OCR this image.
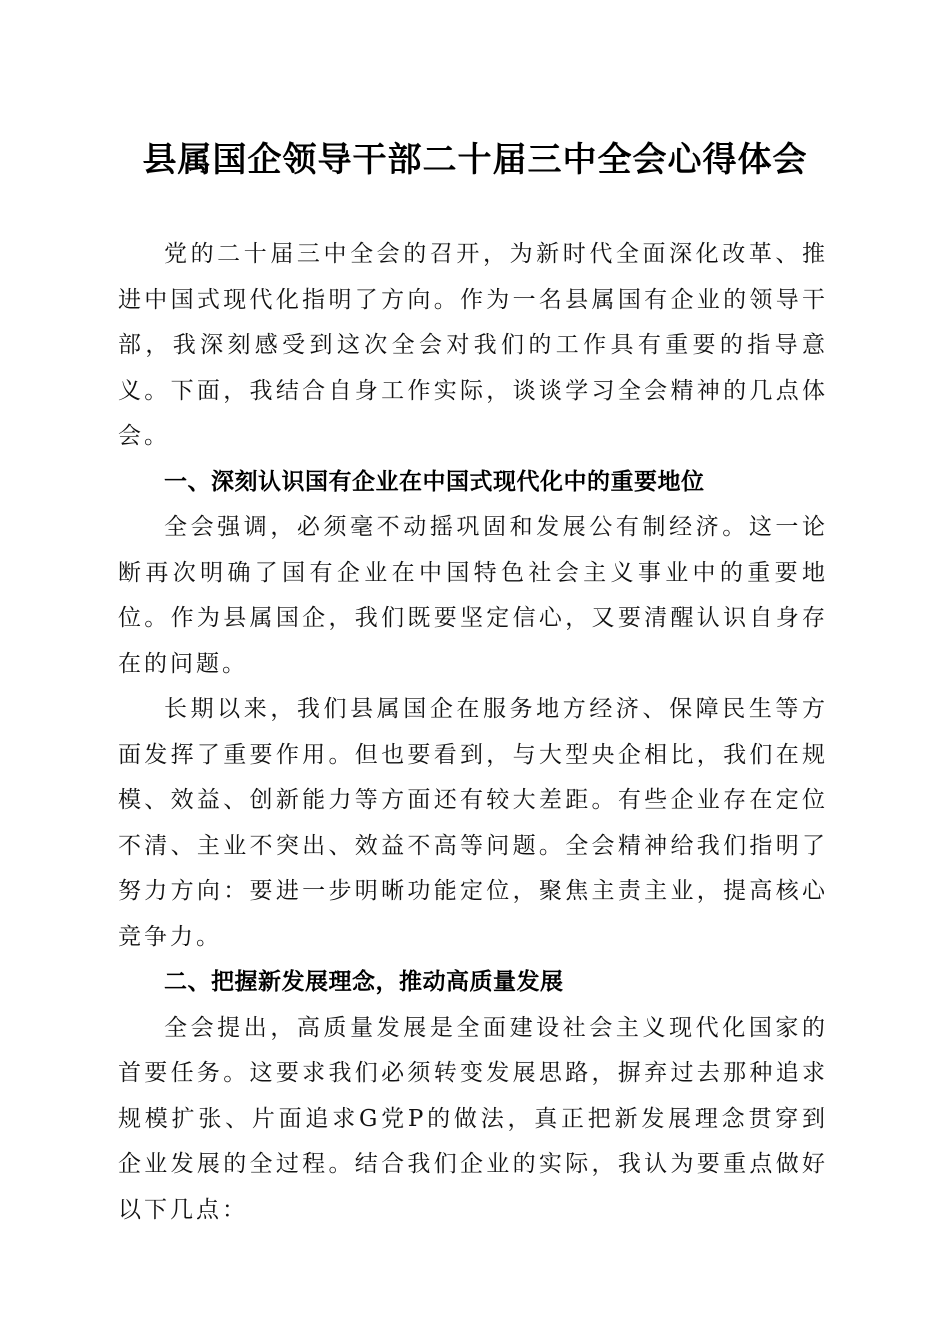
县属国企领导干部二十届三中全会心得体会

党的二十届三中全会的召开，为新时代全面深化改革、推进中国式现代化指明了方向。作为一名县属国有企业的领导干部，我深刻感受到这次全会对我们的工作具有重要的指导意义。下面，我结合自身工作实际，谈谈学习全会精神的几点体会。

一、深刻认识国有企业在中国式现代化中的重要地位

全会强调，必须毫不动摇巩固和发展公有制经济。这一论断再次明确了国有企业在中国特色社会主义事业中的重要地位。作为县属国企，我们既要坚定信心，又要清醒认识自身存在的问题。

长期以来，我们县属国企在服务地方经济、保障民生等方面发挥了重要作用。但也要看到，与大型央企相比，我们在规模、效益、创新能力等方面还有较大差距。有些企业存在定位不清、主业不突出、效益不高等问题。全会精神给我们指明了努力方向：要进一步明晰功能定位，聚焦主责主业，提高核心竞争力。

二、把握新发展理念，推动高质量发展

全会提出，高质量发展是全面建设社会主义现代化国家的首要任务。这要求我们必须转变发展思路，摒弃过去那种追求规模扩张、片面追求G党P的做法，真正把新发展理念贯穿到企业发展的全过程。结合我们企业的实际，我认为要重点做好以下几点：
